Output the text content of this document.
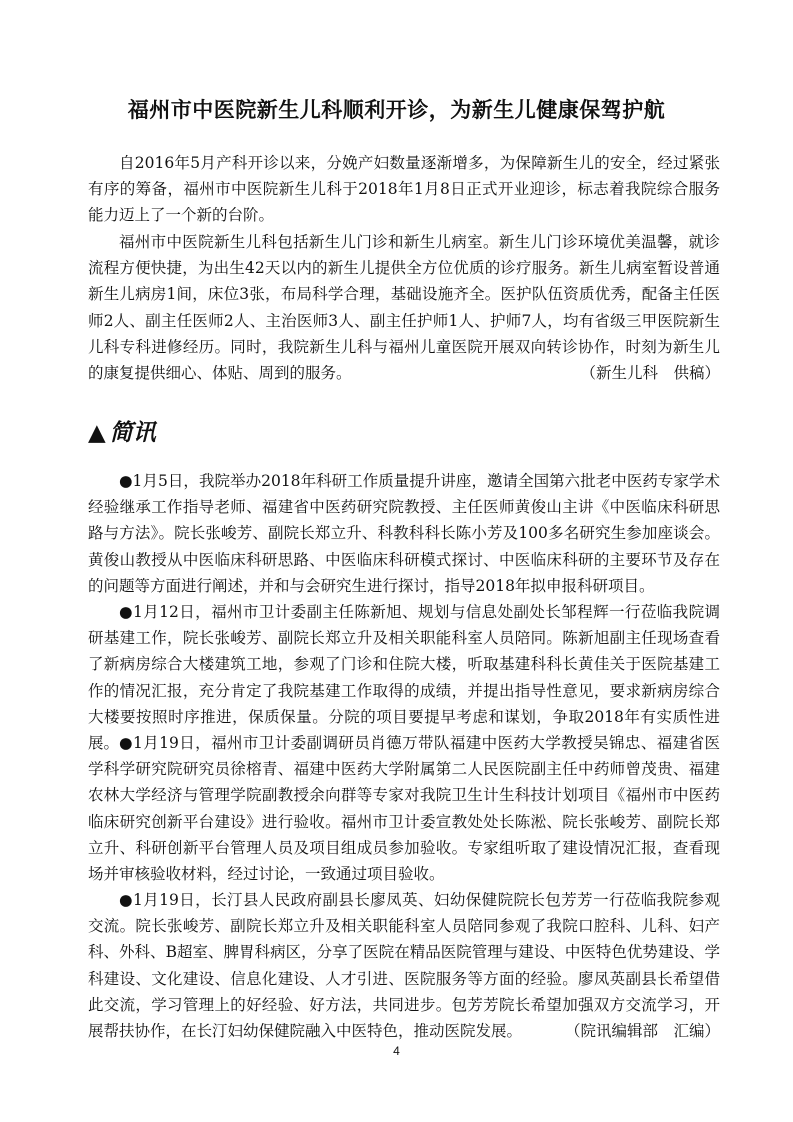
福州市中医院新生儿科顺利开诊，为新生儿健康保驾护航

自2016年5月产科开诊以来，分娩产妇数量逐渐增多，为保障新生儿的安全，经过紧张有序的筹备，福州市中医院新生儿科于2018年1月8日正式开业迎诊，标志着我院综合服务能力迈上了一个新的台阶。

福州市中医院新生儿科包括新生儿门诊和新生儿病室。新生儿门诊环境优美温馨，就诊流程方便快捷，为出生42天以内的新生儿提供全方位优质的诊疗服务。新生儿病室暂设普通新生儿病房1间，床位3张，布局科学合理，基础设施齐全。医护队伍资质优秀，配备主任医师2人、副主任医师2人、主治医师3人、副主任护师1人、护师7人，均有省级三甲医院新生儿科专科进修经历。同时，我院新生儿科与福州儿童医院开展双向转诊协作，时刻为新生儿的康复提供细心、体贴、周到的服务。	（新生儿科　供稿）

▲ 简讯

●1月5日，我院举办2018年科研工作质量提升讲座，邀请全国第六批老中医药专家学术经验继承工作指导老师、福建省中医药研究院教授、主任医师黄俊山主讲《中医临床科研思路与方法》。院长张峻芳、副院长郑立升、科教科科长陈小芳及100多名研究生参加座谈会。黄俊山教授从中医临床科研思路、中医临床科研模式探讨、中医临床科研的主要环节及存在的问题等方面进行阐述，并和与会研究生进行探讨，指导2018年拟申报科研项目。

●1月12日，福州市卫计委副主任陈新旭、规划与信息处副处长邹程辉一行莅临我院调研基建工作，院长张峻芳、副院长郑立升及相关职能科室人员陪同。陈新旭副主任现场查看了新病房综合大楼建筑工地，参观了门诊和住院大楼，听取基建科科长黄佳关于医院基建工作的情况汇报，充分肯定了我院基建工作取得的成绩，并提出指导性意见，要求新病房综合大楼要按照时序推进，保质保量。分院的项目要提早考虑和谋划，争取2018年有实质性进展。 ●1月19日，福州市卫计委副调研员肖德万带队福建中医药大学教授吴锦忠、福建省医学科学研究院研究员徐榕青、福建中医药大学附属第二人民医院副主任中药师曾茂贵、福建农林大学经济与管理学院副教授余向群等专家对我院卫生计生科技计划项目《福州市中医药临床研究创新平台建设》进行验收。福州市卫计委宣教处处长陈淞、院长张峻芳、副院长郑立升、科研创新平台管理人员及项目组成员参加验收。专家组听取了建设情况汇报，查看现场并审核验收材料，经过讨论，一致通过项目验收。

●1月19日，长汀县人民政府副县长廖凤英、妇幼保健院院长包芳芳一行莅临我院参观交流。院长张峻芳、副院长郑立升及相关职能科室人员陪同参观了我院口腔科、儿科、妇产科、外科、B超室、脾胃科病区，分享了医院在精品医院管理与建设、中医特色优势建设、学科建设、文化建设、信息化建设、人才引进、医院服务等方面的经验。廖凤英副县长希望借此交流，学习管理上的好经验、好方法，共同进步。包芳芳院长希望加强双方交流学习，开展帮扶协作，在长汀妇幼保健院融入中医特色，推动医院发展。	（院讯编辑部　汇编）

4
